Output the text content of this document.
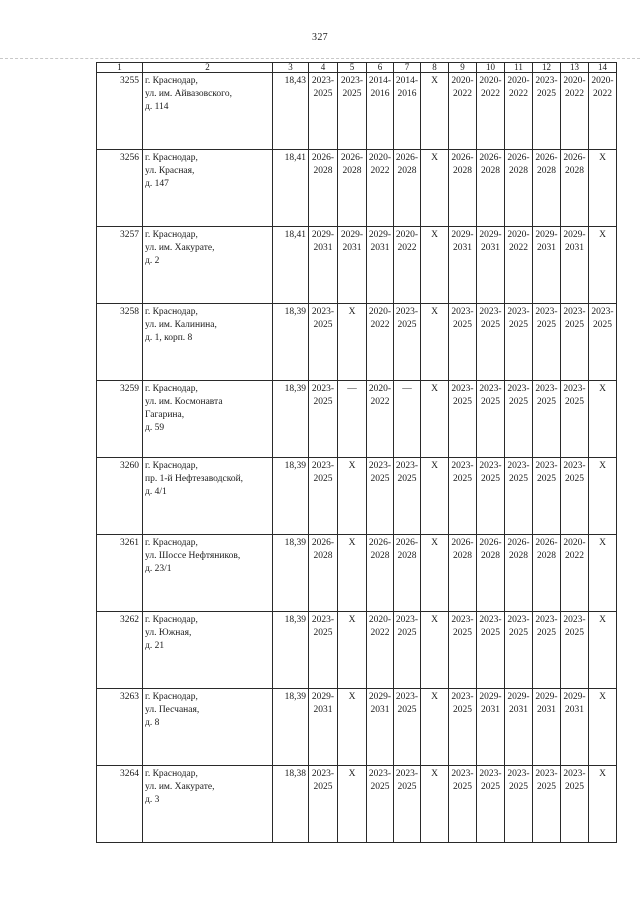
327
1	2	3	4	5	6	7	8	9	10	11	12	13	14
3255	г. Краснодар,
ул. им. Айвазовского,
д. 114	18,43	2023-
2025	2023-
2025	2014-
2016	2014-
2016	X	2020-
2022	2020-
2022	2020-
2022	2023-
2025	2020-
2022	2020-
2022

3256	г. Краснодар,
ул. Красная,
д. 147	18,41	2026-
2028	2026-
2028	2020-
2022	2026-
2028	X	2026-
2028	2026-
2028	2026-
2028	2026-
2028	2026-
2028	X
3257	г. Краснодар,
ул. им. Хакурате,
д. 2	18,41	2029-
2031	2029-
2031	2029-
2031	2020-
2022	X	2029-
2031	2029-
2031	2020-
2022	2029-
2031	2029-
2031	X
3258	г. Краснодар,
ул. им. Калинина,
д. 1, корп. 8	18,39	2023-
2025	X	2020-
2022	2023-
2025	X	2023-
2025	2023-
2025	2023-
2025	2023-
2025	2023-
2025	2023-
2025

3259	г. Краснодар,
ул. им. Космонавта
Гагарина,
д. 59	18,39	2023-
2025	—	2020-
2022	—	X	2023-
2025	2023-
2025	2023-
2025	2023-
2025	2023-
2025	X
3260	г. Краснодар,
пр. 1-й Нефтезаводской,
д. 4/1	18,39	2023-
2025	X	2023-
2025	2023-
2025	X	2023-
2025	2023-
2025	2023-
2025	2023-
2025	2023-
2025	X
3261	г. Краснодар,
ул. Шоссе Нефтяников,
д. 23/1	18,39	2026-
2028	X	2026-
2028	2026-
2028	X	2026-
2028	2026-
2028	2026-
2028	2026-
2028	2020-
2022	X
3262	г. Краснодар,
ул. Южная,
д. 21	18,39	2023-
2025	X	2020-
2022	2023-
2025	X	2023-
2025	2023-
2025	2023-
2025	2023-
2025	2023-
2025	X
3263	г. Краснодар,
ул. Песчаная,
д. 8	18,39	2029-
2031	X	2029-
2031	2023-
2025	X	2023-
2025	2029-
2031	2029-
2031	2029-
2031	2029-
2031	X
3264	г. Краснодар,
ул. им. Хакурате,
д. 3	18,38	2023-
2025	X	2023-
2025	2023-
2025	X	2023-
2025	2023-
2025	2023-
2025	2023-
2025	2023-
2025	X
